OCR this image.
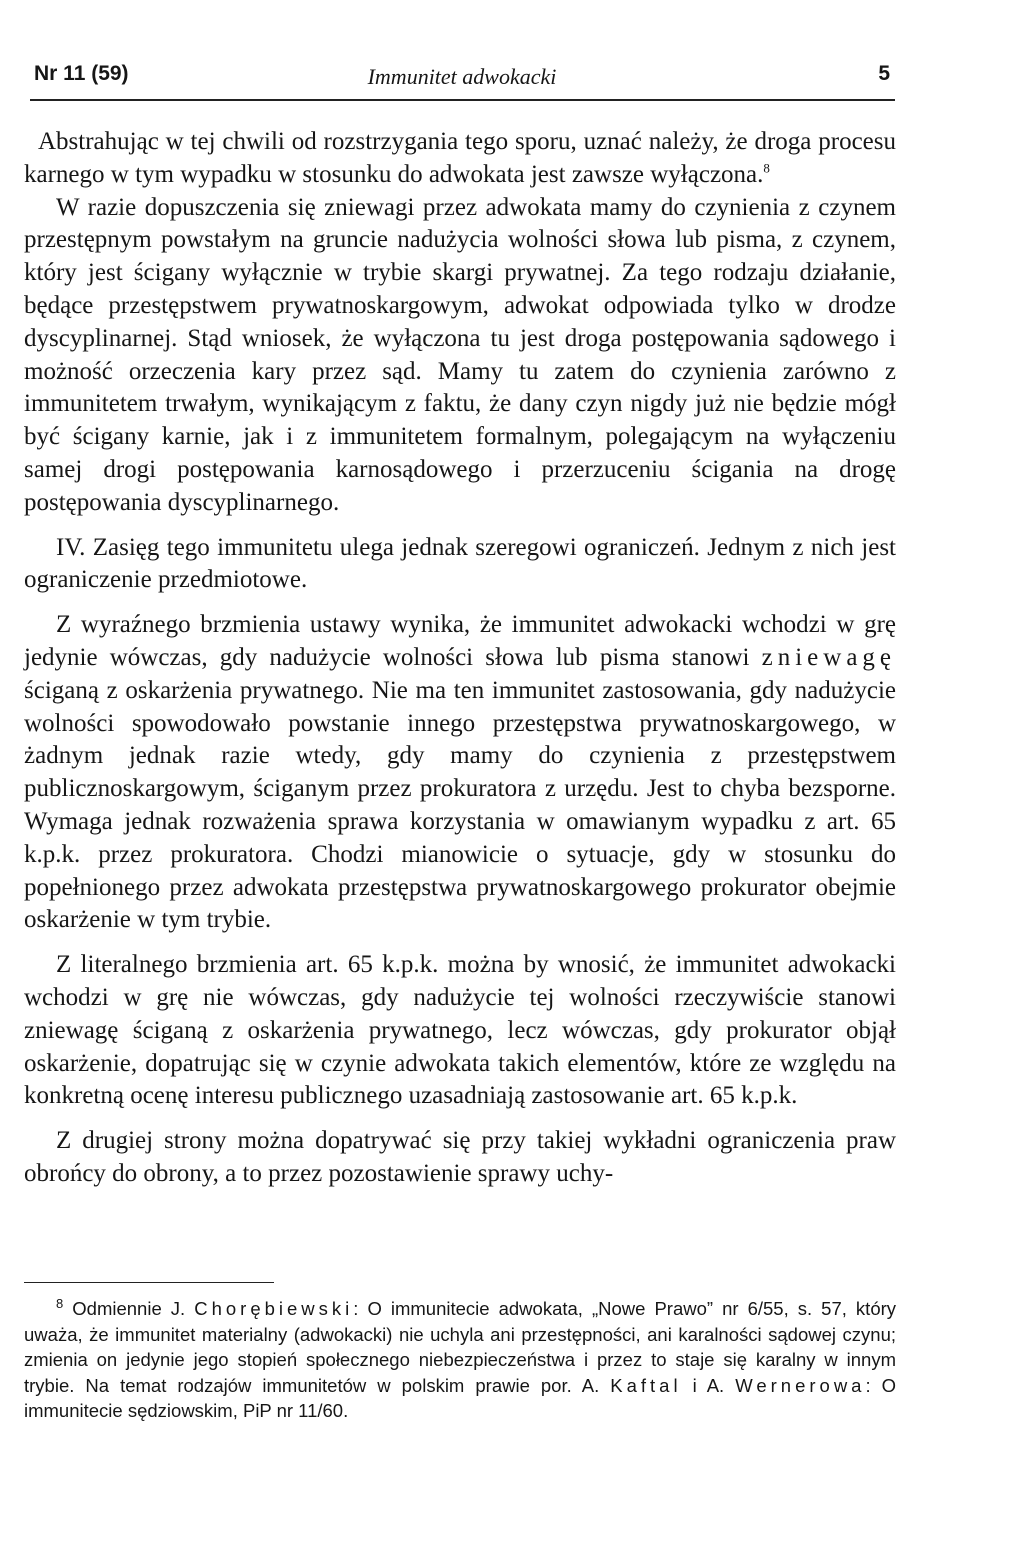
Nr 11 (59)	Immunitet adwokacki	5

Abstrahując w tej chwili od rozstrzygania tego sporu, uznać należy, że droga procesu karnego w tym wypadku w stosunku do adwokata jest zawsze wyłączona.$^8$

W razie dopuszczenia się zniewagi przez adwokata mamy do czynienia z czynem przestępnym powstałym na gruncie nadużycia wolności słowa lub pisma, z czynem, który jest ścigany wyłącznie w trybie skargi prywatnej. Za tego rodzaju działanie, będące przestępstwem prywatnoskargowym, adwokat odpowiada tylko w drodze dyscyplinarnej. Stąd wniosek, że wyłączona tu jest droga postępowania sądowego i możność orzeczenia kary przez sąd. Mamy tu zatem do czynienia zarówno z immunitetem trwałym, wynikającym z faktu, że dany czyn nigdy już nie będzie mógł być ścigany karnie, jak i z immunitetem formalnym, polegającym na wyłączeniu samej drogi postępowania karnosądowego i przerzuceniu ścigania na drogę postępowania dyscyplinarnego.

IV. Zasięg tego immunitetu ulega jednak szeregowi ograniczeń. Jednym z nich jest ograniczenie przedmiotowe.

Z wyraźnego brzmienia ustawy wynika, że immunitet adwokacki wchodzi w grę jedynie wówczas, gdy nadużycie wolności słowa lub pisma stanowi zniewagę ściganą z oskarżenia prywatnego. Nie ma ten immunitet zastosowania, gdy nadużycie wolności spowodowało powstanie innego przestępstwa prywatnoskargowego, w żadnym jednak razie wtedy, gdy mamy do czynienia z przestępstwem publicznoskargowym, ściganym przez prokuratora z urzędu. Jest to chyba bezsporne. Wymaga jednak rozważenia sprawa korzystania w omawianym wypadku z art. 65 k.p.k. przez prokuratora. Chodzi mianowicie o sytuacje, gdy w stosunku do popełnionego przez adwokata przestępstwa prywatnoskargowego prokurator obejmie oskarżenie w tym trybie.

Z literalnego brzmienia art. 65 k.p.k. można by wnosić, że immunitet adwokacki wchodzi w grę nie wówczas, gdy nadużycie tej wolności rzeczywiście stanowi zniewagę ściganą z oskarżenia prywatnego, lecz wówczas, gdy prokurator objął oskarżenie, dopatrując się w czynie adwokata takich elementów, które ze względu na konkretną ocenę interesu publicznego uzasadniają zastosowanie art. 65 k.p.k.

Z drugiej strony można dopatrywać się przy takiej wykładni ograniczenia praw obrońcy do obrony, a to przez pozostawienie sprawy uchy-

$^8$ Odmiennie J. Chorębiewski: O immunitecie adwokata, „Nowe Prawo” nr 6/55, s. 57, który uważa, że immunitet materialny (adwokacki) nie uchyla ani przestępności, ani karalności sądowej czynu; zmienia on jedynie jego stopień społecznego niebezpieczeństwa i przez to staje się karalny w innym trybie. Na temat rodzajów immunitetów w polskim prawie por. A. Kaftal i A. Wernerowa: O immunitecie sędziowskim, PiP nr 11/60.
